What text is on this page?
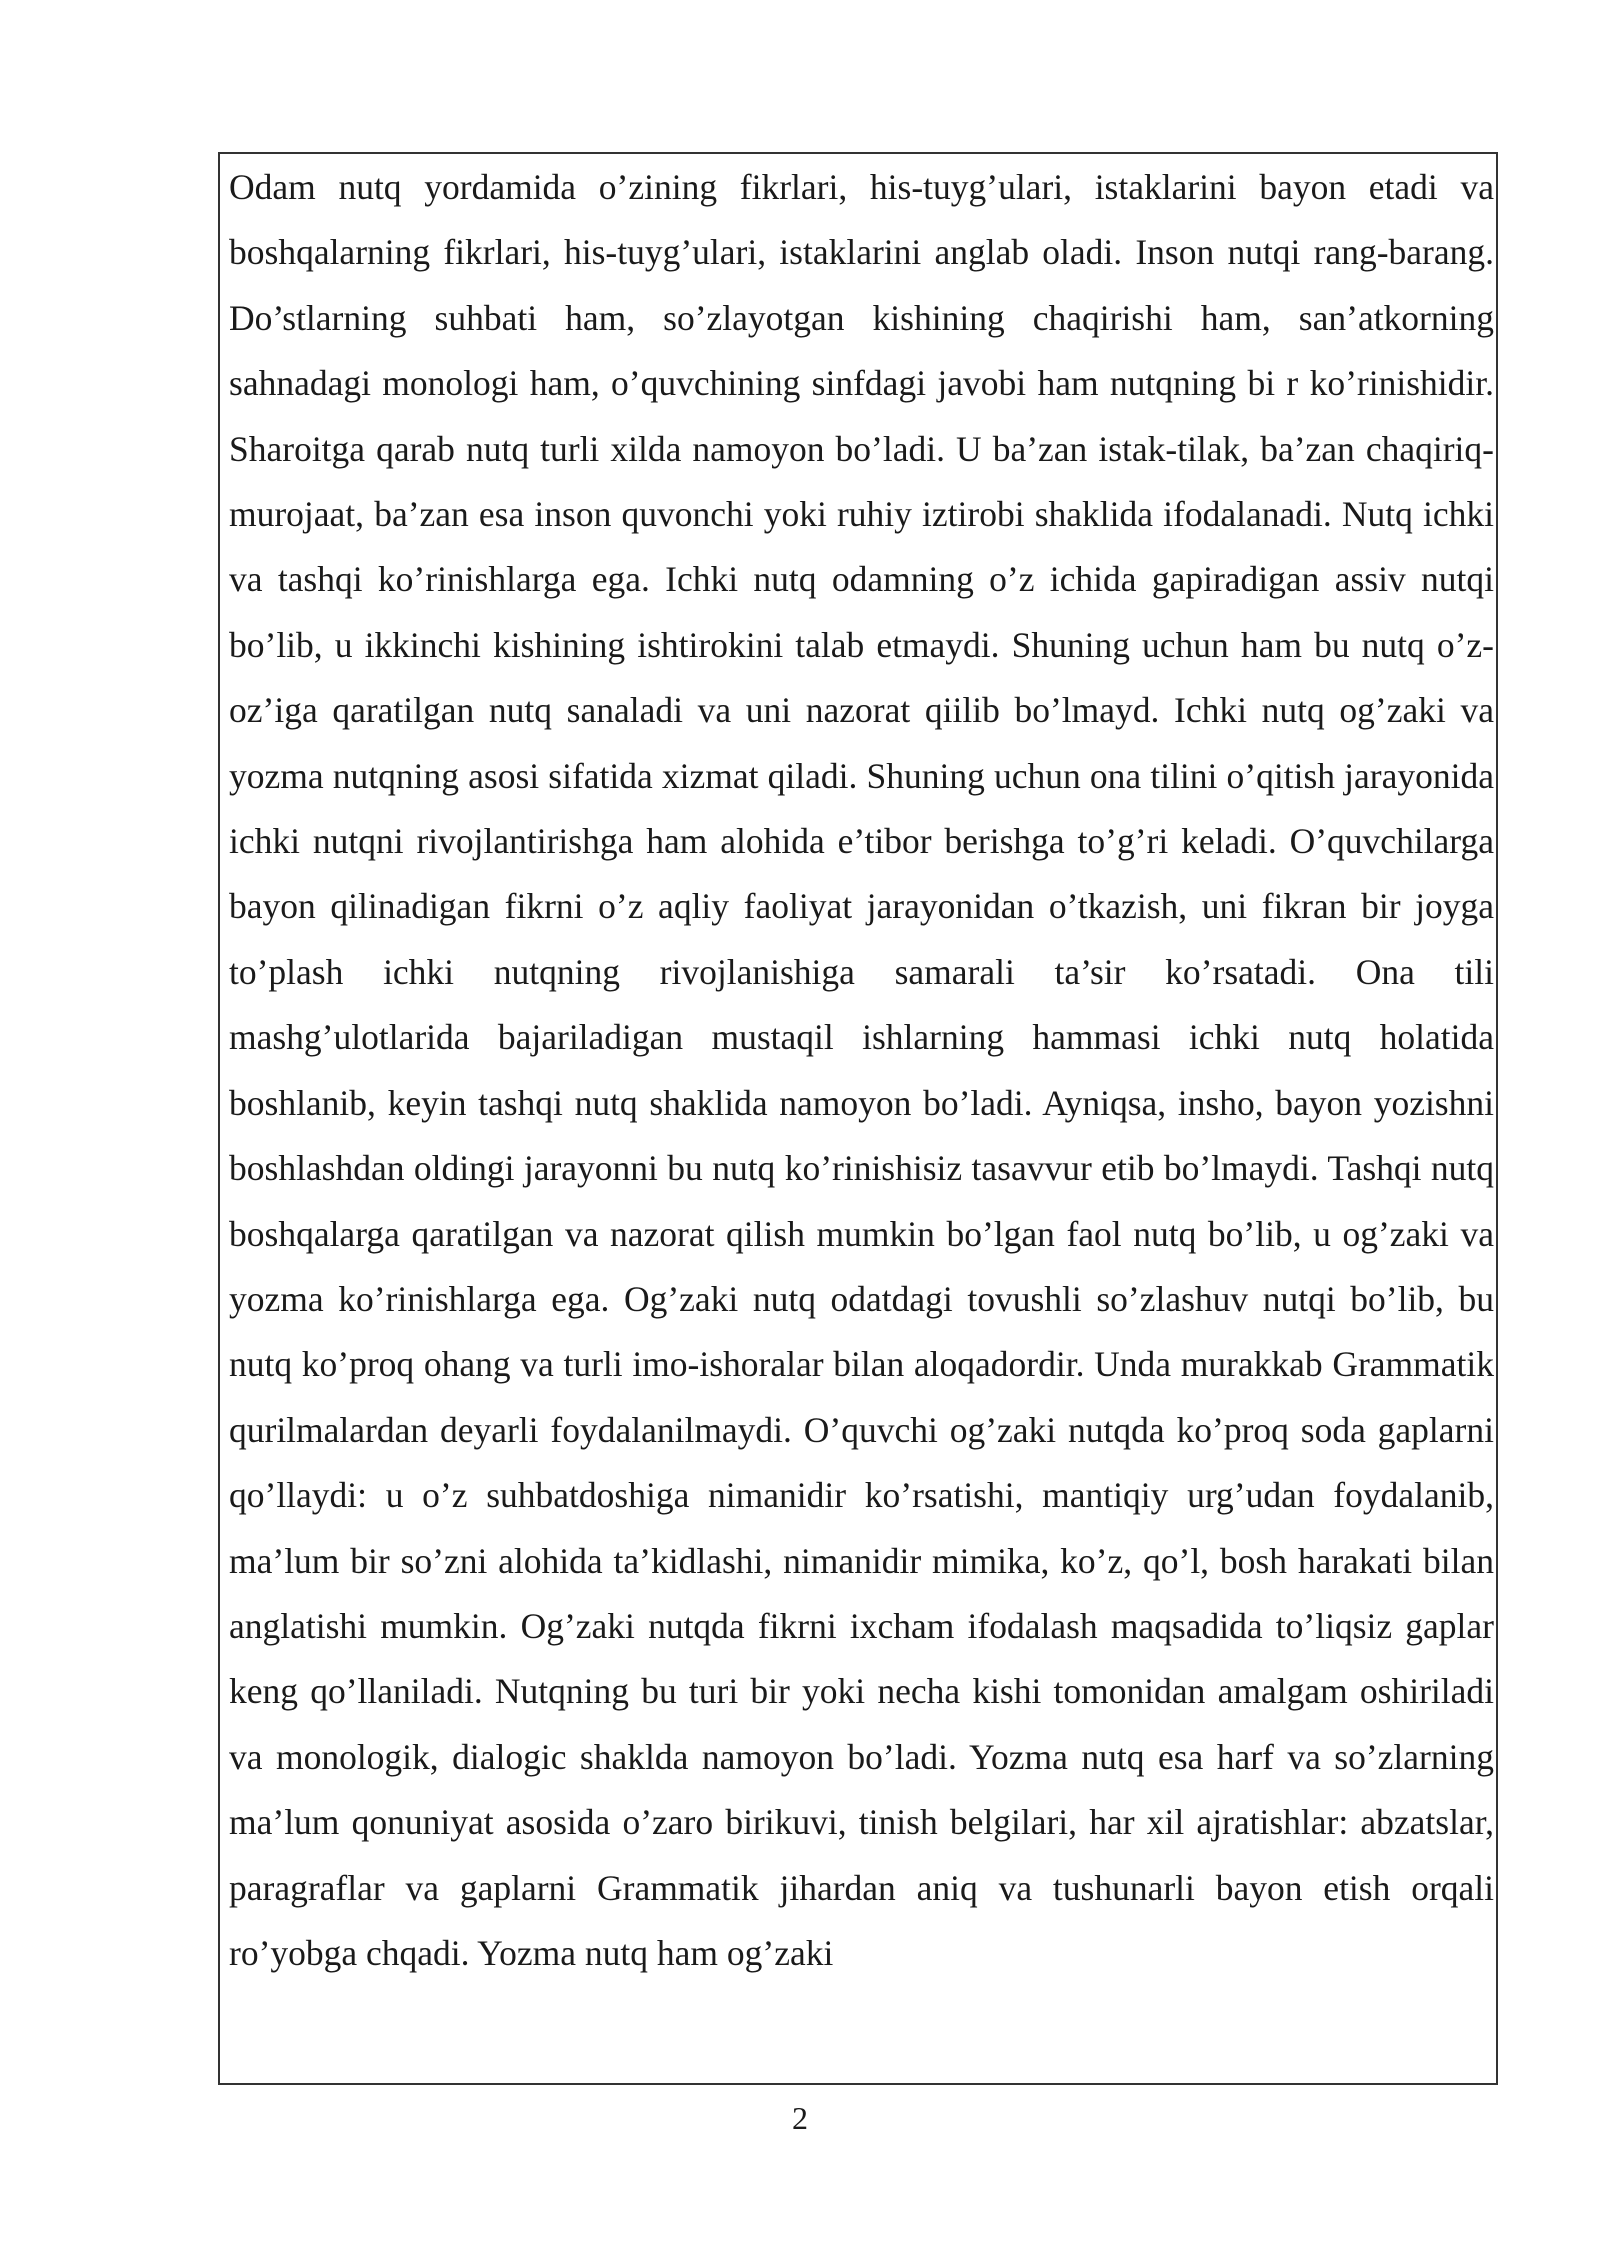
Odam nutq yordamida o’zining fikrlari, his-tuyg’ulari, istaklarini bayon etadi va boshqalarning fikrlari, his-tuyg’ulari, istaklarini anglab oladi. Inson nutqi rang-barang. Do’stlarning suhbati ham, so’zlayotgan kishining chaqirishi ham, san’atkorning sahnadagi monologi ham, o’quvchining sinfdagi javobi ham nutqning bi r ko’rinishidir. Sharoitga qarab nutq turli xilda namoyon bo’ladi. U ba’zan istak-tilak, ba’zan chaqiriq- murojaat, ba’zan esa inson quvonchi yoki ruhiy iztirobi shaklida ifodalanadi. Nutq ichki va tashqi ko’rinishlarga ega. Ichki nutq odamning o’z ichida gapiradigan assiv nutqi bo’lib, u ikkinchi kishining ishtirokini talab etmaydi. Shuning uchun ham bu nutq o’z-oz’iga qaratilgan nutq sanaladi va uni nazorat qiilib bo’lmayd. Ichki nutq og’zaki va yozma nutqning asosi sifatida xizmat qiladi. Shuning uchun ona tilini o’qitish jarayonida ichki nutqni rivojlantirishga ham alohida e’tibor berishga to’g’ri keladi. O’quvchilarga bayon qilinadigan fikrni o’z aqliy faoliyat jarayonidan o’tkazish, uni fikran bir joyga to’plash ichki nutqning rivojlanishiga samarali ta’sir ko’rsatadi. Ona tili mashg’ulotlarida bajariladigan mustaqil ishlarning hammasi ichki nutq holatida boshlanib, keyin tashqi nutq shaklida namoyon bo’ladi. Ayniqsa, insho, bayon yozishni boshlashdan oldingi jarayonni bu nutq ko’rinishisiz tasavvur etib bo’lmaydi. Tashqi nutq boshqalarga qaratilgan va nazorat qilish mumkin bo’lgan faol nutq bo’lib, u og’zaki va yozma ko’rinishlarga ega. Og’zaki nutq odatdagi tovushli so’zlashuv nutqi bo’lib, bu nutq ko’proq ohang va turli imo-ishoralar bilan aloqadordir. Unda murakkab Grammatik qurilmalardan deyarli foydalanilmaydi. O’quvchi og’zaki nutqda ko’proq soda gaplarni qo’llaydi: u o’z suhbatdoshiga nimanidir ko’rsatishi, mantiqiy urg’udan foydalanib, ma’lum bir so’zni alohida ta’kidlashi, nimanidir mimika, ko’z, qo’l, bosh harakati bilan anglatishi mumkin. Og’zaki nutqda fikrni ixcham ifodalash maqsadida to’liqsiz gaplar keng qo’llaniladi. Nutqning bu turi bir yoki necha kishi tomonidan amalgam oshiriladi va monologik, dialogic shaklda namoyon bo’ladi. Yozma nutq esa harf va so’zlarning ma’lum qonuniyat asosida o’zaro birikuvi, tinish belgilari, har xil ajratishlar: abzatslar, paragraflar va gaplarni Grammatik jihardan aniq va tushunarli bayon etish orqali ro’yobga chqadi. Yozma nutq ham og’zaki

2
